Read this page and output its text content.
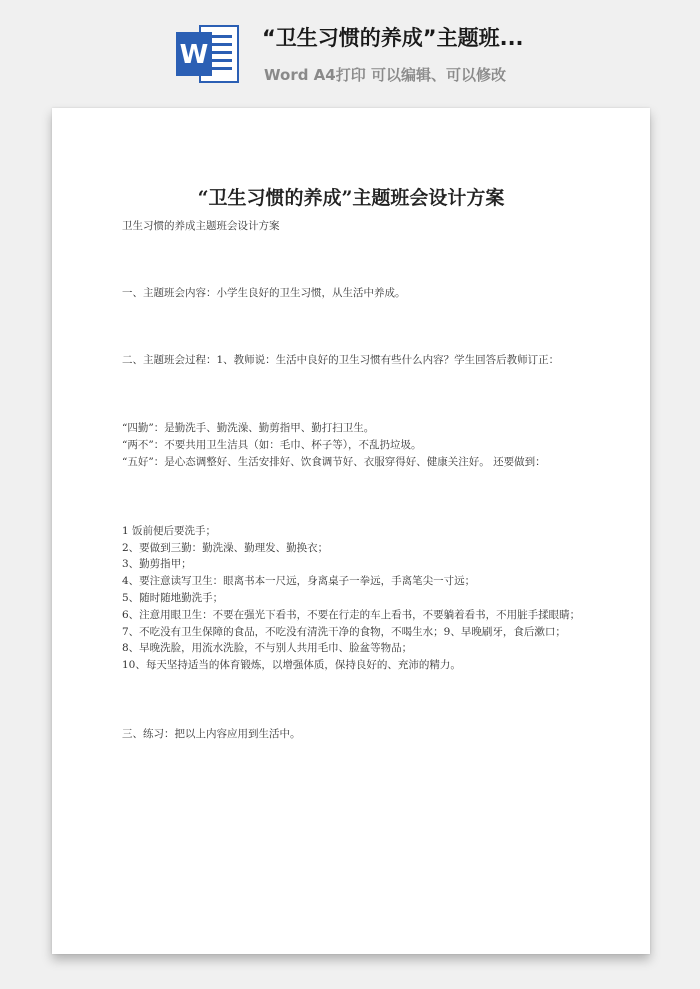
W
“卫生习惯的养成”主题班...
Word A4打印 可以编辑、可以修改
“卫生习惯的养成”主题班会设计方案

卫生习惯的养成主题班会设计方案

一、主题班会内容：小学生良好的卫生习惯，从生活中养成。

二、主题班会过程：1、教师说：生活中良好的卫生习惯有些什么内容？学生回答后教师订正：

“四勤”：是勤洗手、勤洗澡、勤剪指甲、勤打扫卫生。

“两不”：不要共用卫生洁具（如：毛巾、杯子等），不乱扔垃圾。

“五好”：是心态调整好、生活安排好、饮食调节好、衣服穿得好、健康关注好。 还要做到：

1 饭前便后要洗手；

2、要做到三勤：勤洗澡、勤理发、勤换衣；

3、勤剪指甲；

4、要注意读写卫生：眼离书本一尺远，身离桌子一拳远，手离笔尖一寸远；

5、随时随地勤洗手；

6、注意用眼卫生：不要在强光下看书，不要在行走的车上看书，不要躺着看书，不用脏手揉眼睛；

7、不吃没有卫生保障的食品，不吃没有清洗干净的食物，不喝生水；9、早晚刷牙，食后漱口；

8、早晚洗脸，用流水洗脸，不与别人共用毛巾、脸盆等物品；

10、每天坚持适当的体育锻炼，以增强体质，保持良好的、充沛的精力。

三、练习：把以上内容应用到生活中。
